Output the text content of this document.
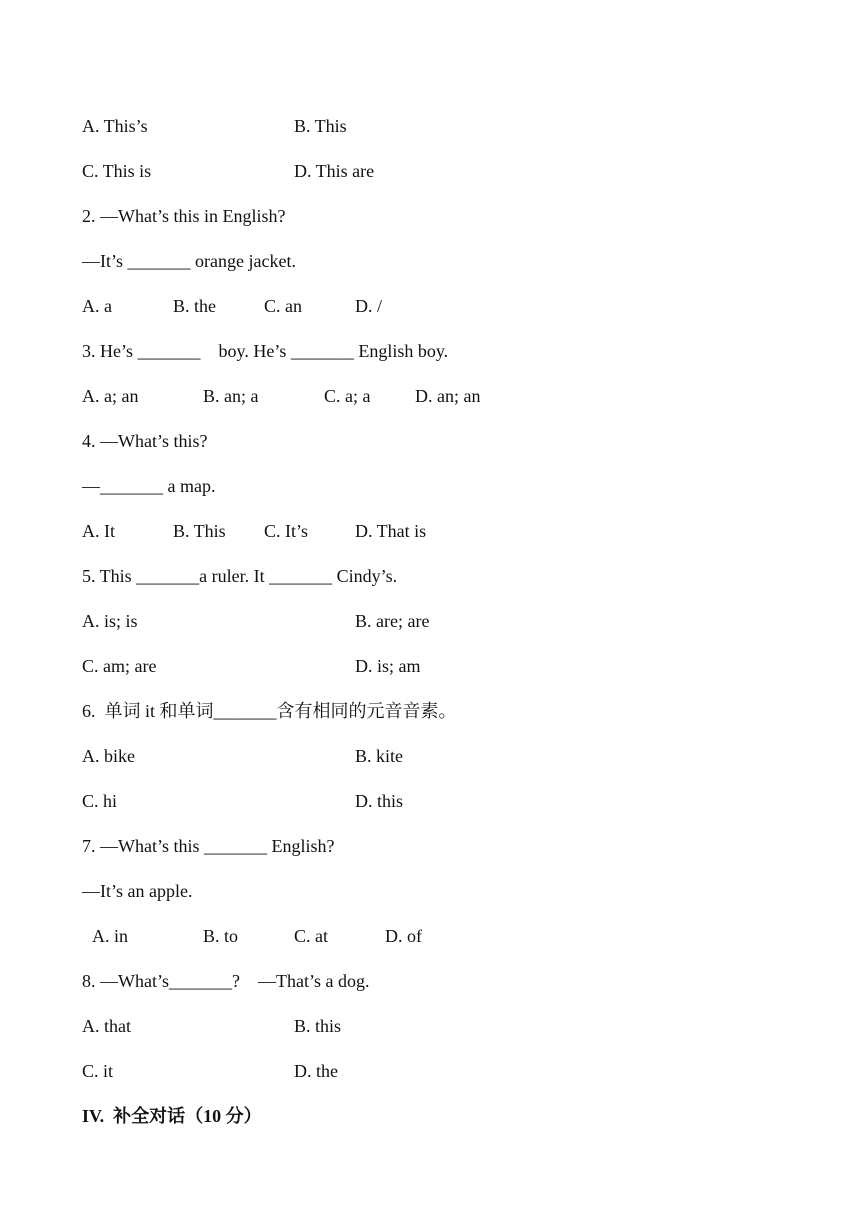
A. This’s	B. This
C. This is	D. This are
2. —What’s this in English?
—It’s _______ orange jacket.
A. a	B. the	C. an	D. /
3. He’s _______    boy. He’s _______ English boy.
A. a; an	B. an; a	C. a; a D. an; an
4. —What’s this?
—_______ a map.
A. It	B. This C. It’s	D. That is
5. This _______a ruler. It _______ Cindy’s.
A. is; is	B. are; are
C. am; are	D. is; am
6.  单词 it 和单词_______含有相同的元音音素。
A. bike	B. kite
C. hi	D. this
7. —What’s this _______ English?
—It’s an apple.
A. in	B. to	C. at	D. of
8. —What’s_______?    —That’s a dog.
A. that	B. this
C. it	D. the
IV.  补全对话（10 分）
